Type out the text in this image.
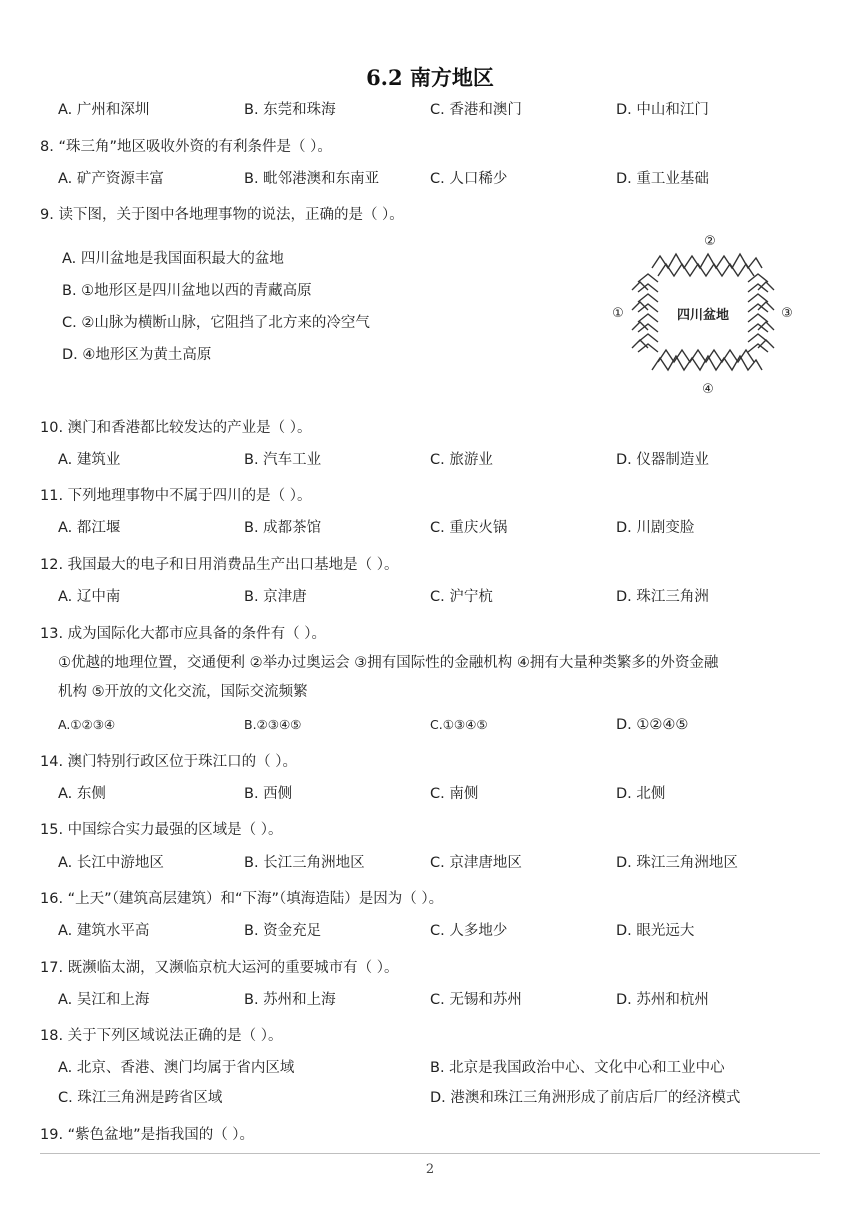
6.2 南方地区
A. 广州和深圳	B. 东莞和珠海	C. 香港和澳门	D. 中山和江门
8. “珠三角”地区吸收外资的有利条件是（ ）。
A. 矿产资源丰富	B. 毗邻港澳和东南亚	C. 人口稀少	D. 重工业基础
9. 读下图，关于图中各地理事物的说法，正确的是（ ）。
A. 四川盆地是我国面积最大的盆地
B. ①地形区是四川盆地以西的青藏高原
C. ②山脉为横断山脉，它阻挡了北方来的冷空气
D. ④地形区为黄土高原
四川盆地
①
②
③
④
10. 澳门和香港都比较发达的产业是（ ）。
A. 建筑业	B. 汽车工业	C. 旅游业	D. 仪器制造业
11. 下列地理事物中不属于四川的是（ ）。
A. 都江堰	B. 成都茶馆	C. 重庆火锅	D. 川剧变脸
12. 我国最大的电子和日用消费品生产出口基地是（ ）。
A. 辽中南	B. 京津唐	C. 沪宁杭	D. 珠江三角洲
13. 成为国际化大都市应具备的条件有（ ）。
①优越的地理位置，交通便利 ②举办过奥运会 ③拥有国际性的金融机构 ④拥有大量种类繁多的外资金融
机构 ⑤开放的文化交流，国际交流频繁
A.①②③④	B.②③④⑤	C.①③④⑤	D. ①②④⑤
14. 澳门特别行政区位于珠江口的（ ）。
A. 东侧	B. 西侧	C. 南侧	D. 北侧
15. 中国综合实力最强的区域是（ ）。
A. 长江中游地区	B. 长江三角洲地区	C. 京津唐地区	D. 珠江三角洲地区
16. “上天”（建筑高层建筑）和“下海”（填海造陆）是因为（ ）。
A. 建筑水平高	B. 资金充足	C. 人多地少	D. 眼光远大
17. 既濒临太湖，又濒临京杭大运河的重要城市有（ ）。
A. 吴江和上海	B. 苏州和上海	C. 无锡和苏州	D. 苏州和杭州
18. 关于下列区域说法正确的是（ ）。
A. 北京、香港、澳门均属于省内区域	B. 北京是我国政治中心、文化中心和工业中心
C. 珠江三角洲是跨省区域	D. 港澳和珠江三角洲形成了前店后厂的经济模式
19. “紫色盆地”是指我国的（ ）。
2
